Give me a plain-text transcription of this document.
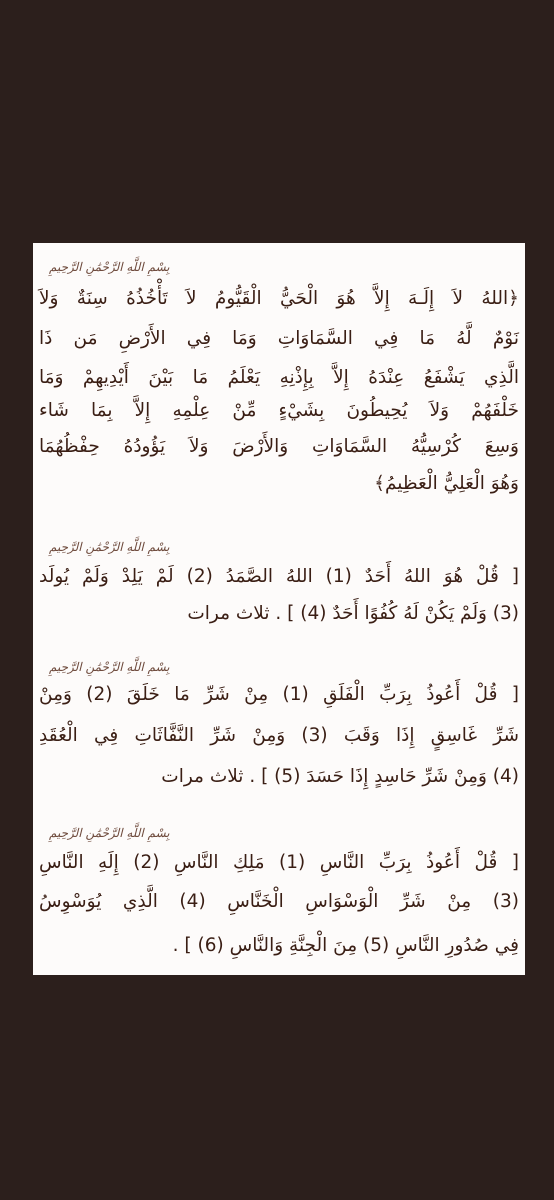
بِسْمِ اللَّهِ الرَّحْمَٰنِ الرَّحِيمِ
﴿اللهُ لاَ إِلَـهَ إِلاَّ هُوَ الْحَيُّ الْقَيُّومُ لاَ تَأْخُذُهُ سِنَةٌ وَلاَ
نَوْمٌ لَّهُ مَا فِي السَّمَاوَاتِ وَمَا فِي الأَرْضِ مَن ذَا
الَّذِي يَشْفَعُ عِنْدَهُ إِلاَّ بِإِذْنِهِ يَعْلَمُ مَا بَيْنَ أَيْدِيهِمْ وَمَا
خَلْفَهُمْ وَلاَ يُحِيطُونَ بِشَيْءٍ مِّنْ عِلْمِهِ إِلاَّ بِمَا شَاء
وَسِعَ كُرْسِيُّهُ السَّمَاوَاتِ وَالأَرْضَ وَلاَ يَؤُودُهُ حِفْظُهُمَا
وَهُوَ الْعَلِيُّ الْعَظِيمُ﴾
بِسْمِ اللَّهِ الرَّحْمَٰنِ الرَّحِيمِ
[ قُلْ هُوَ اللهُ أَحَدٌ (1) اللهُ الصَّمَدُ (2) لَمْ يَلِدْ وَلَمْ يُولَد
(3) وَلَمْ يَكُنْ لَهُ كُفُوًا أَحَدٌ (4) ] . ثلاث مرات
بِسْمِ اللَّهِ الرَّحْمَٰنِ الرَّحِيمِ
[ قُلْ أَعُوذُ بِرَبِّ الْفَلَقِ (1) مِنْ شَرِّ مَا خَلَقَ (2) وَمِنْ
شَرِّ غَاسِقٍ إِذَا وَقَبَ (3) وَمِنْ شَرِّ النَّفَّاثَاتِ فِي الْعُقَدِ
(4) وَمِنْ شَرِّ حَاسِدٍ إِذَا حَسَدَ (5) ] . ثلاث مرات
بِسْمِ اللَّهِ الرَّحْمَٰنِ الرَّحِيمِ
[ قُلْ أَعُوذُ بِرَبِّ النَّاسِ (1) مَلِكِ النَّاسِ (2) إِلَهِ النَّاسِ
(3) مِنْ شَرِّ الْوَسْوَاسِ الْخَنَّاسِ (4) الَّذِي يُوَسْوِسُ
فِي صُدُورِ النَّاسِ (5) مِنَ الْجِنَّةِ وَالنَّاسِ (6) ] .
